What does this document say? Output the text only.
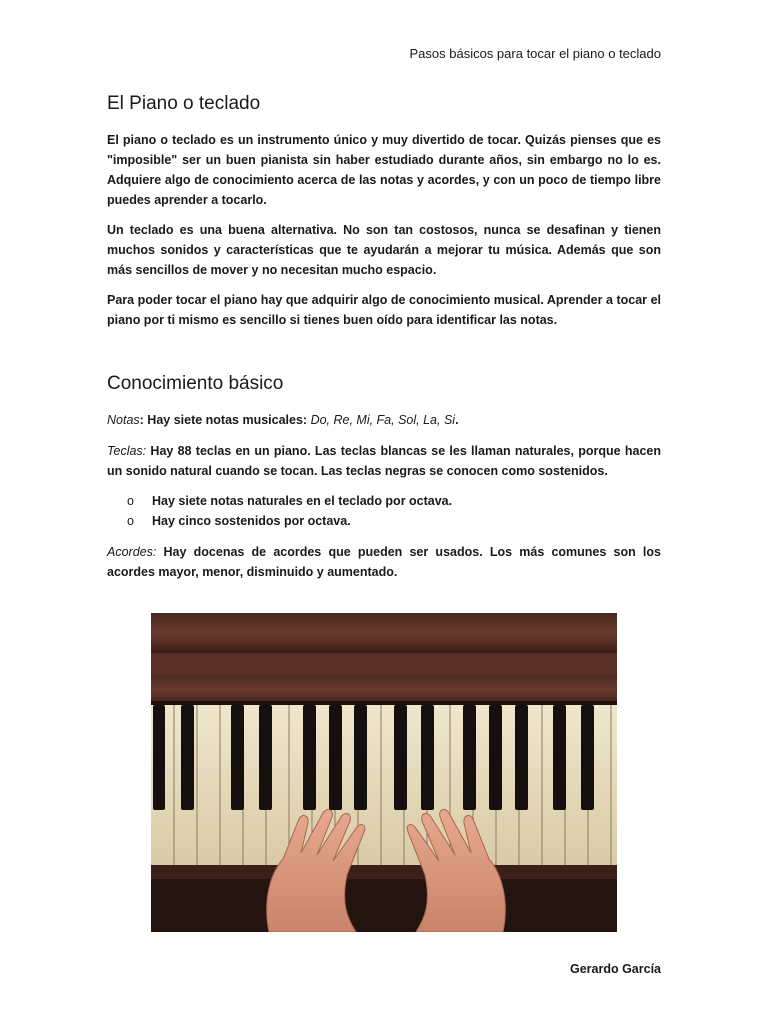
Pasos básicos para tocar el piano o teclado
El Piano o teclado

El piano o teclado es un instrumento único y muy divertido de tocar. Quizás pienses que es "imposible" ser un buen pianista sin haber estudiado durante años, sin embargo no lo es. Adquiere algo de conocimiento acerca de las notas y acordes, y con un poco de tiempo libre puedes aprender a tocarlo.

Un teclado es una buena alternativa. No son tan costosos, nunca se desafinan y tienen muchos sonidos y características que te ayudarán a mejorar tu música. Además que son más sencillos de mover y no necesitan mucho espacio.

Para poder tocar el piano hay que adquirir algo de conocimiento musical. Aprender a tocar el piano por ti mismo es sencillo si tienes buen oído para identificar las notas.

Conocimiento básico

Notas: Hay siete notas musicales: Do, Re, Mi, Fa, Sol, La, Si.

Teclas: Hay 88 teclas en un piano. Las teclas blancas se les llaman naturales, porque hacen un sonido natural cuando se tocan. Las teclas negras se conocen como sostenidos.

o Hay siete notas naturales en el teclado por octava.
o Hay cinco sostenidos por octava.

Acordes: Hay docenas de acordes que pueden ser usados. Los más comunes son los acordes mayor, menor, disminuido y aumentado.

Gerardo García
